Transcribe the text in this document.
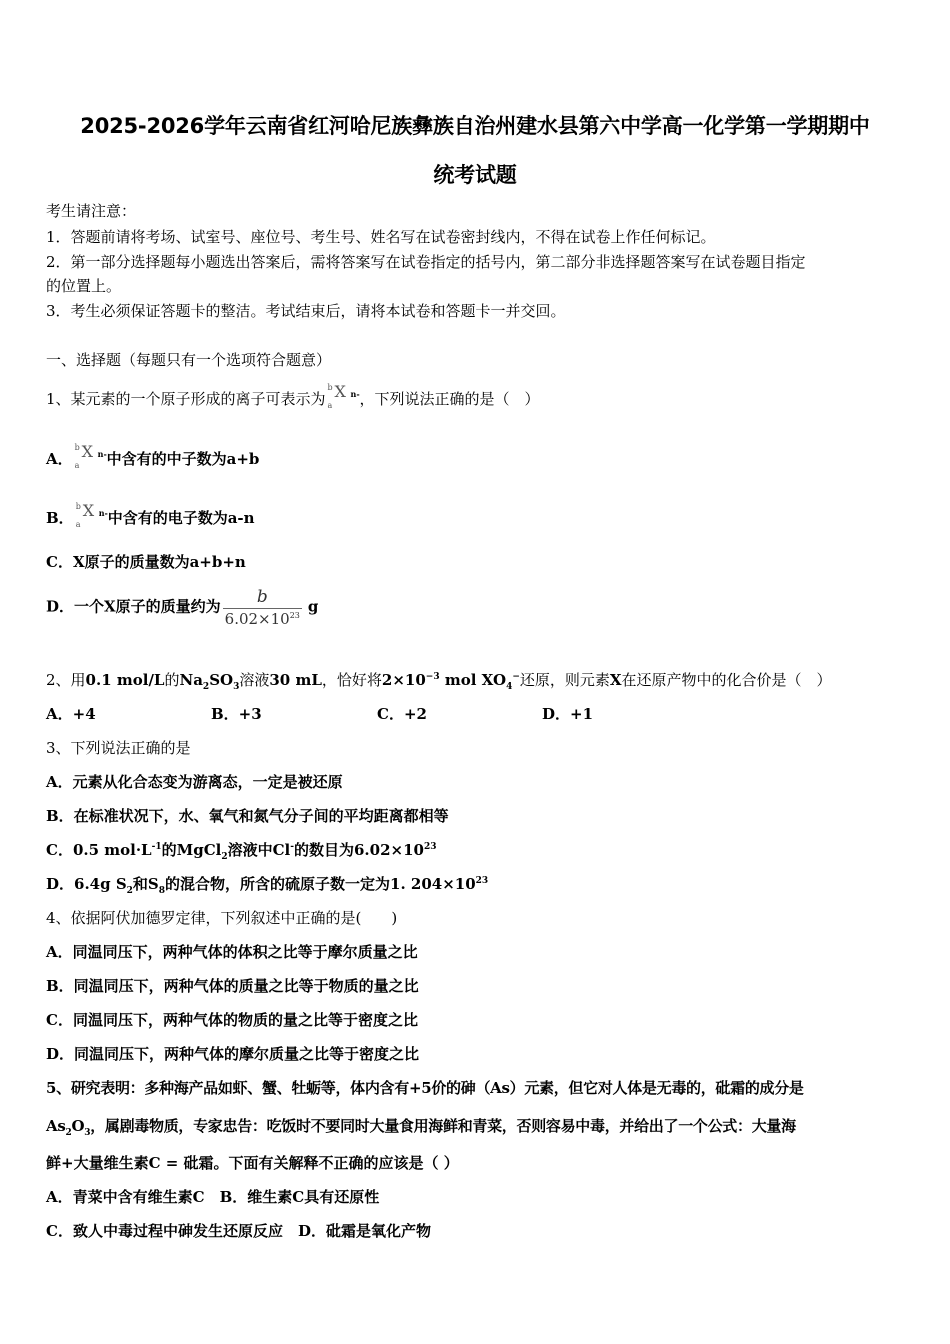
2025-2026学年云南省红河哈尼族彝族自治州建水县第六中学高一化学第一学期期中
统考试题
考生请注意：
1．答题前请将考场、试室号、座位号、考生号、姓名写在试卷密封线内，不得在试卷上作任何标记。
2．第一部分选择题每小题选出答案后，需将答案写在试卷指定的括号内，第二部分非选择题答案写在试卷题目指定
的位置上。
3．考生必须保证答题卡的整洁。考试结束后，请将本试卷和答题卡一并交回。
一、选择题（每题只有一个选项符合题意）
1、某元素的一个原子形成的离子可表示为
b
a
X n- ，下列说法正确的是（　）
A．
b
a
X n- 中含有的中子数为a+b
B．
b
a
X n- 中含有的电子数为a-n
C．X原子的质量数为a+b+n
D．一个X原子的质量约为 $\frac{b}{6.02\times 10^{23}}$ g
2、用0.1 mol/L的$Na_2SO_3$溶液30 mL，恰好将$2\times 10^{-3}$ mol $XO_4^-$还原，则元素X在还原产物中的化合价是（　）
A．+4	B．+3	C．+2	D．+1
3、下列说法正确的是
A．元素从化合态变为游离态，一定是被还原
B．在标准状况下，水、氧气和氮气分子间的平均距离都相等
C．0.5 $mol\cdot L^{-1}$的MgCl$_2$溶液中Cl-的数目为$6.02\times 10^{23}$
D．6.4g $S_2$和$S_8$的混合物，所含的硫原子数一定为1. $204\times 10^{23}$
4、依据阿伏加德罗定律，下列叙述中正确的是(　　)
A．同温同压下，两种气体的体积之比等于摩尔质量之比
B．同温同压下，两种气体的质量之比等于物质的量之比
C．同温同压下，两种气体的物质的量之比等于密度之比
D．同温同压下，两种气体的摩尔质量之比等于密度之比
5、研究表明：多种海产品如虾、蟹、牡蛎等，体内含有+5价的砷（As）元素，但它对人体是无毒的，砒霜的成分是
$As_2O_3$，属剧毒物质，专家忠告：吃饭时不要同时大量食用海鲜和青菜，否则容易中毒，并给出了一个公式：大量海
鲜+大量维生素C = 砒霜。下面有关解释不正确的应该是（ ）
A．青菜中含有维生素C　B．维生素C具有还原性
C．致人中毒过程中砷发生还原反应　D．砒霜是氧化产物
